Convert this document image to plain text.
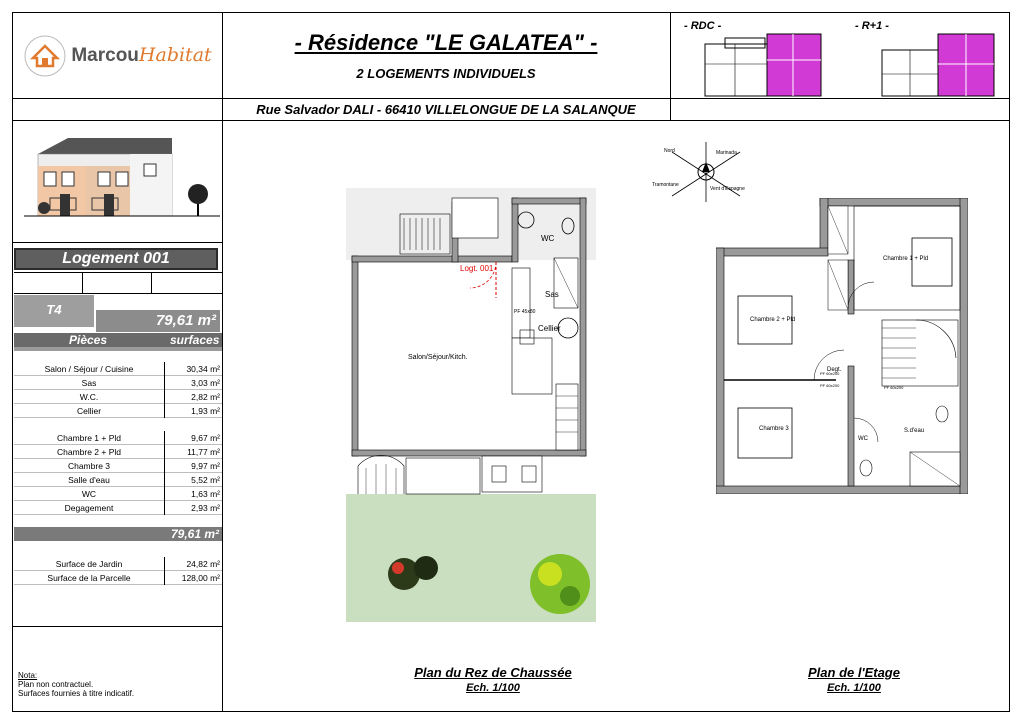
MarcouHabitat	- Résidence "LE GALATEA" -
2 LOGEMENTS INDIVIDUELS
Rue Salvador DALI - 66410 VILLELONGUE DE LA SALANQUE
- RDC -	- R+1 -
Logement 001
T4
79,61 m²
Pièces	surfaces
Salon / Séjour / Cuisine	30,34 m²
Sas	3,03 m²
W.C.	2,82 m²
Cellier	1,93 m²
Chambre 1 + Pld	9,67 m²
Chambre 2 + Pld	11,77 m²
Chambre 3	9,97 m²
Salle d'eau	5,52 m²
WC	1,63 m²
Degagement	2,93 m²
79,61 m²
Surface de Jardin	24,82 m²
Surface de la Parcelle	128,00 m²
Nota:
Plan non contractuel.
Surfaces fournies à titre indicatif.
Logt. 001
WC
Sas
Cellier
Salon/Séjour/Kitch.
PF 45x80
Nord
Tramontane
Marinada
Vent d'Espagne
Chambre 1 + Pld
Chambre 2 + Pld
Chambre 3
Degt.
WC
S.d'eau
PF 60x200
PF 60x200	PF 60x200
Plan du Rez de Chaussée
Ech. 1/100
Plan de l'Etage
Ech. 1/100
